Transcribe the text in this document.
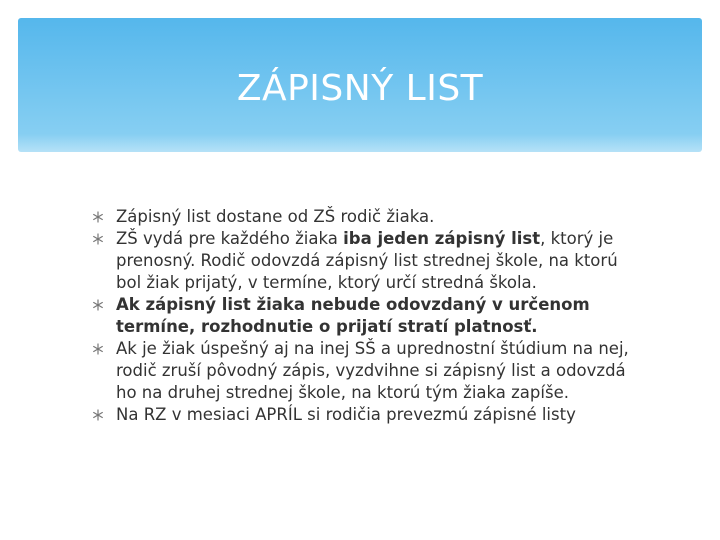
ZÁPISNÝ LIST
Zápisný list dostane od ZŠ rodič žiaka.
ZŠ vydá pre každého žiaka iba jeden zápisný list, ktorý je prenosný. Rodič odovzdá zápisný list strednej škole, na ktorú bol žiak prijatý, v termíne, ktorý určí stredná škola.
Ak zápisný list žiaka nebude odovzdaný v určenom termíne, rozhodnutie o prijatí stratí platnosť.
Ak je žiak úspešný aj na inej SŠ a uprednostní štúdium na nej, rodič zruší pôvodný zápis, vyzdvihne si zápisný list a odovzdá ho na druhej strednej škole, na ktorú tým žiaka zapíše.
Na RZ v mesiaci APRÍL si rodičia prevezmú zápisné listy
